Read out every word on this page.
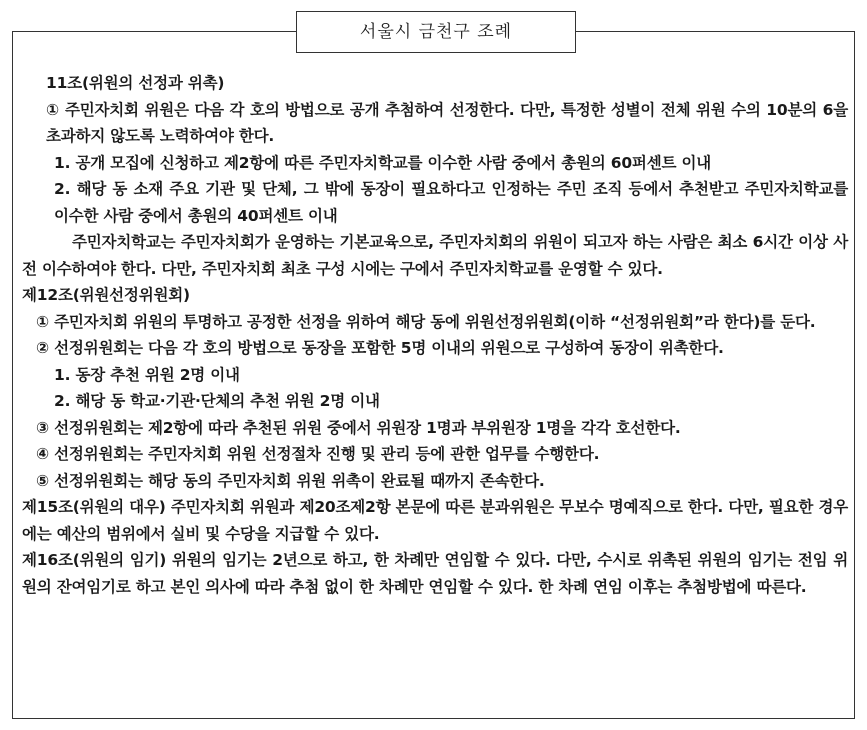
서울시 금천구 조례

11조(위원의 선정과 위촉)

① 주민자치회 위원은 다음 각 호의 방법으로 공개 추첨하여 선정한다. 다만, 특정한 성별이 전체 위원 수의 10분의 6을 초과하지 않도록 노력하여야 한다.

1. 공개 모집에 신청하고 제2항에 따른 주민자치학교를 이수한 사람 중에서 총원의 60퍼센트 이내

2. 해당 동 소재 주요 기관 및 단체, 그 밖에 동장이 필요하다고 인정하는 주민 조직 등에서 추천받고 주민자치학교를 이수한 사람 중에서 총원의 40퍼센트 이내

주민자치학교는 주민자치회가 운영하는 기본교육으로, 주민자치회의 위원이 되고자 하는 사람은 최소 6시간 이상 사전 이수하여야 한다. 다만, 주민자치회 최초 구성 시에는 구에서 주민자치학교를 운영할 수 있다.

제12조(위원선정위원회)

① 주민자치회 위원의 투명하고 공정한 선정을 위하여 해당 동에 위원선정위원회(이하 “선정위원회”라 한다)를 둔다.

② 선정위원회는 다음 각 호의 방법으로 동장을 포함한 5명 이내의 위원으로 구성하여 동장이 위촉한다.

1. 동장 추천 위원 2명 이내

2. 해당 동 학교·기관·단체의 추천 위원 2명 이내

③ 선정위원회는 제2항에 따라 추천된 위원 중에서 위원장 1명과 부위원장 1명을 각각 호선한다.

④ 선정위원회는 주민자치회 위원 선정절차 진행 및 관리 등에 관한 업무를 수행한다.

⑤ 선정위원회는 해당 동의 주민자치회 위원 위촉이 완료될 때까지 존속한다.

제15조(위원의 대우) 주민자치회 위원과 제20조제2항 본문에 따른 분과위원은 무보수 명예직으로 한다. 다만, 필요한 경우에는 예산의 범위에서 실비 및 수당을 지급할 수 있다.

제16조(위원의 임기) 위원의 임기는 2년으로 하고, 한 차례만 연임할 수 있다. 다만, 수시로 위촉된 위원의 임기는 전임 위원의 잔여임기로 하고 본인 의사에 따라 추첨 없이 한 차례만 연임할 수 있다. 한 차례 연임 이후는 추첨방법에 따른다.
